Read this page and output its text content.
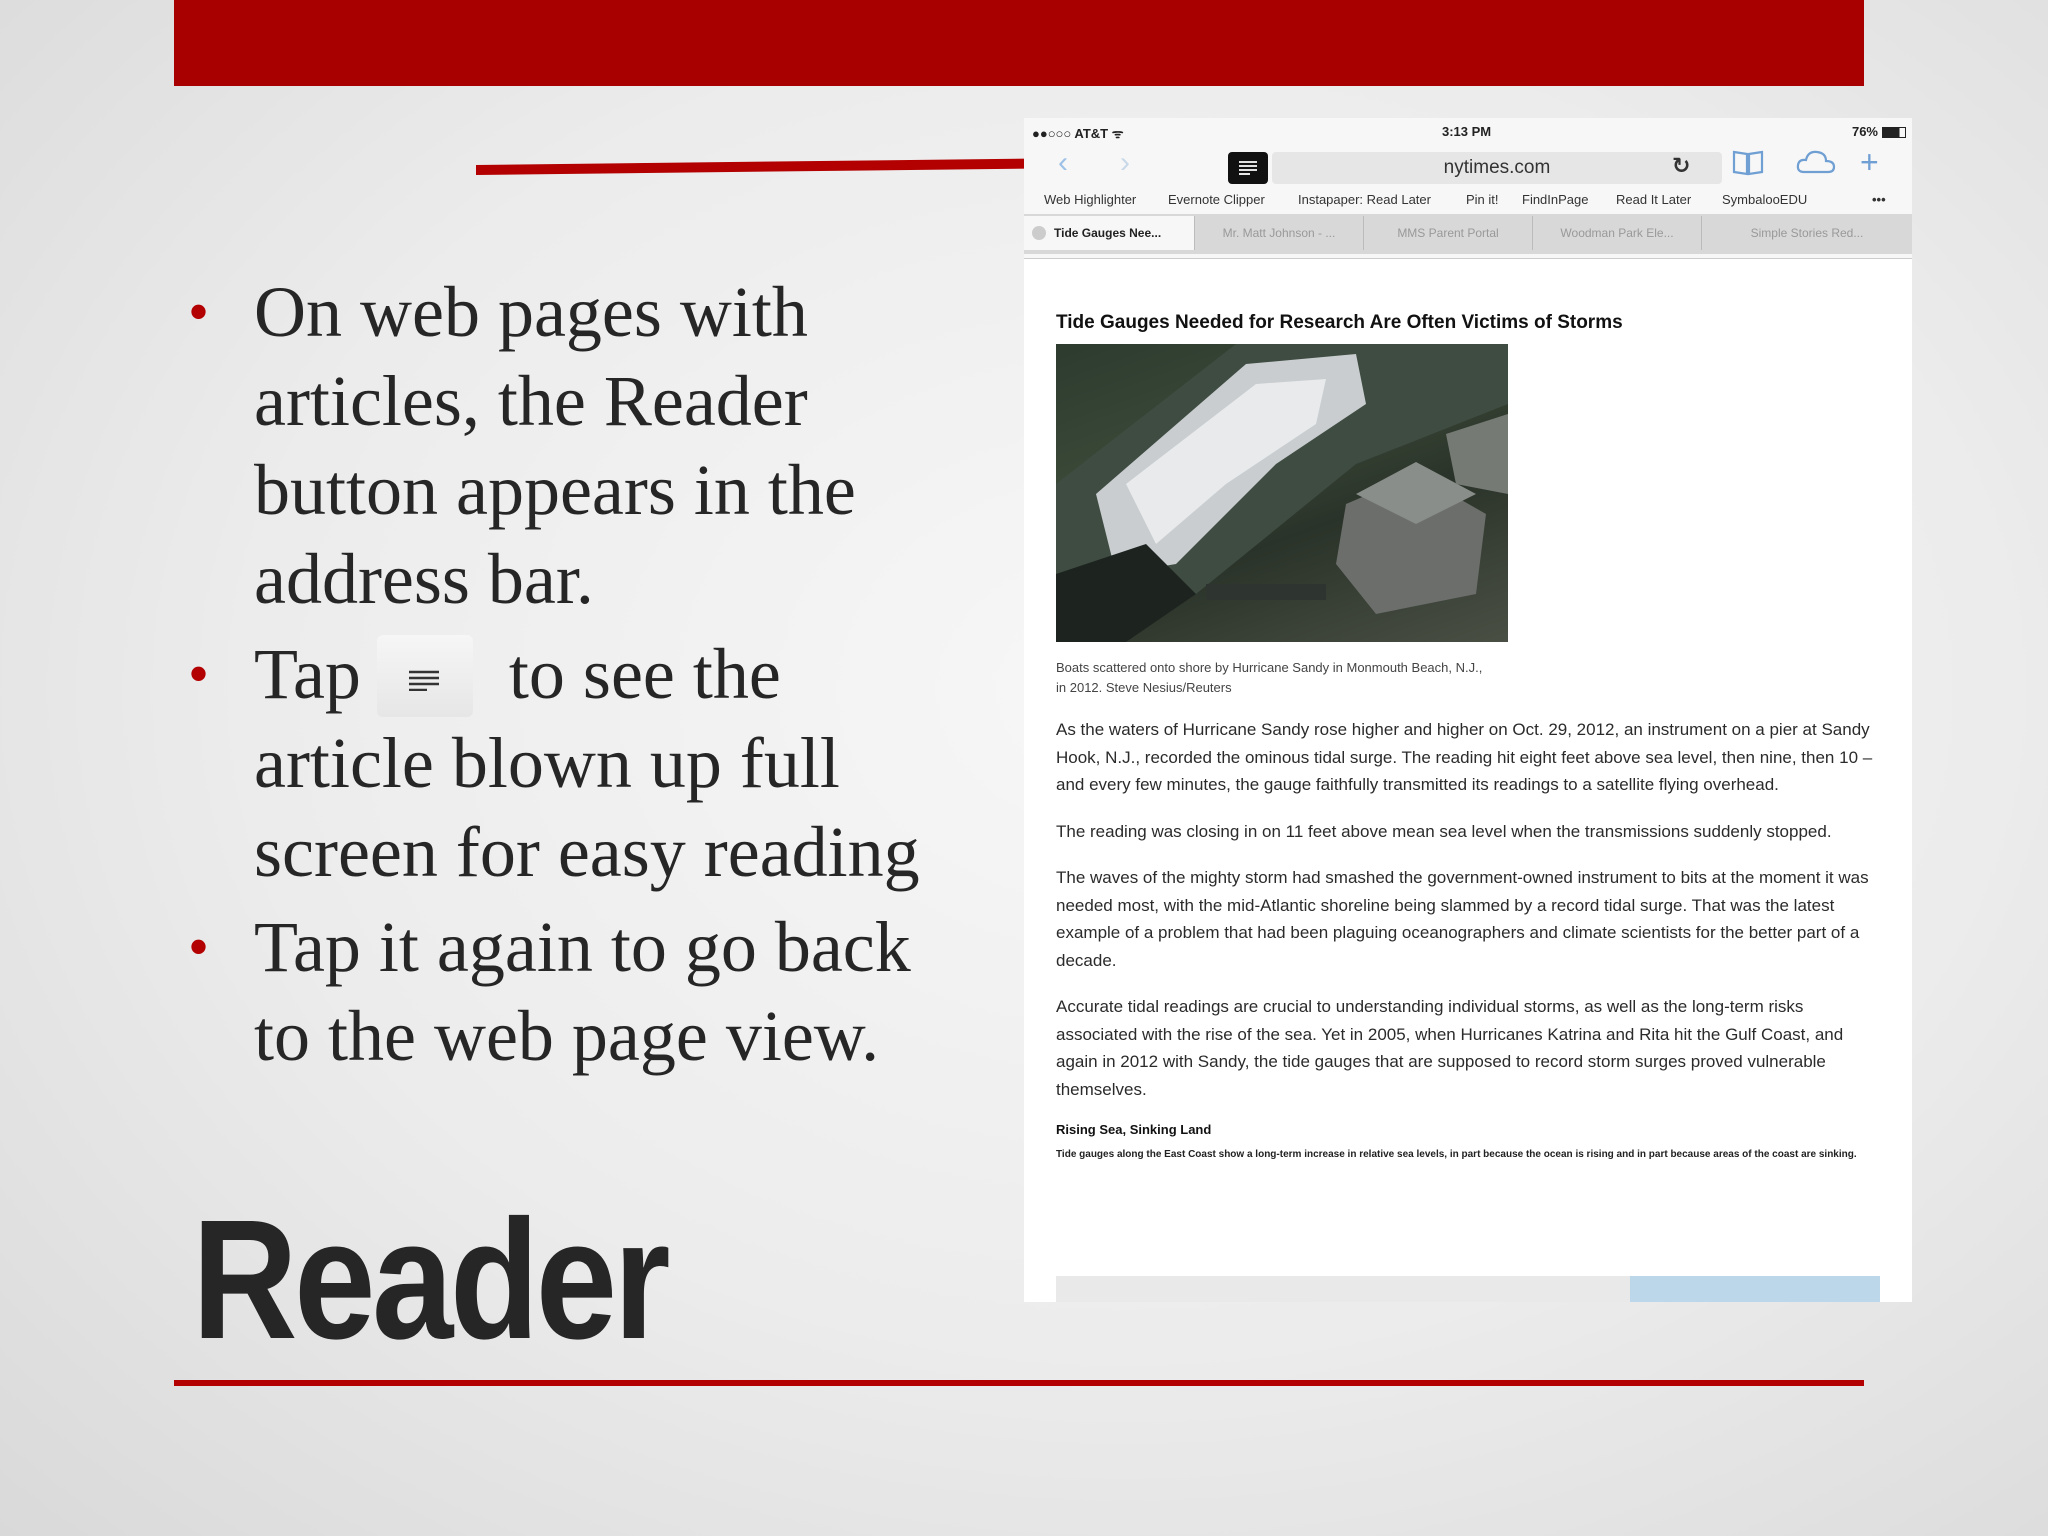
• On web pages with articles, the Reader button appears in the address bar.
• Tap to see the article blown up full screen for easy reading
• Tap it again to go back to the web page view.
Reader
●●○○○ AT&T ᯤ	3:13 PM	76%
‹ ›	nytimes.com	↻	+
Web Highlighter Evernote Clipper	Instapaper: Read Later	Pin it! FindInPage Read It Later SymbalooEDU	•••
Tide Gauges Nee...	Mr. Matt Johnson - ...	MMS Parent Portal	Woodman Park Ele...	Simple Stories Red...

Tide Gauges Needed for Research Are Often Victims of Storms

Boats scattered onto shore by Hurricane Sandy in Monmouth Beach, N.J., in 2012. Steve Nesius/Reuters

As the waters of Hurricane Sandy rose higher and higher on Oct. 29, 2012, an instrument on a pier at Sandy Hook, N.J., recorded the ominous tidal surge. The reading hit eight feet above sea level, then nine, then 10 – and every few minutes, the gauge faithfully transmitted its readings to a satellite flying overhead.

The reading was closing in on 11 feet above mean sea level when the transmissions suddenly stopped.

The waves of the mighty storm had smashed the government-owned instrument to bits at the moment it was needed most, with the mid-Atlantic shoreline being slammed by a record tidal surge. That was the latest example of a problem that had been plaguing oceanographers and climate scientists for the better part of a decade.

Accurate tidal readings are crucial to understanding individual storms, as well as the long-term risks associated with the rise of the sea. Yet in 2005, when Hurricanes Katrina and Rita hit the Gulf Coast, and again in 2012 with Sandy, the tide gauges that are supposed to record storm surges proved vulnerable themselves.

Rising Sea, Sinking Land

Tide gauges along the East Coast show a long-term increase in relative sea levels, in part because the ocean is rising and in part because areas of the coast are sinking.
